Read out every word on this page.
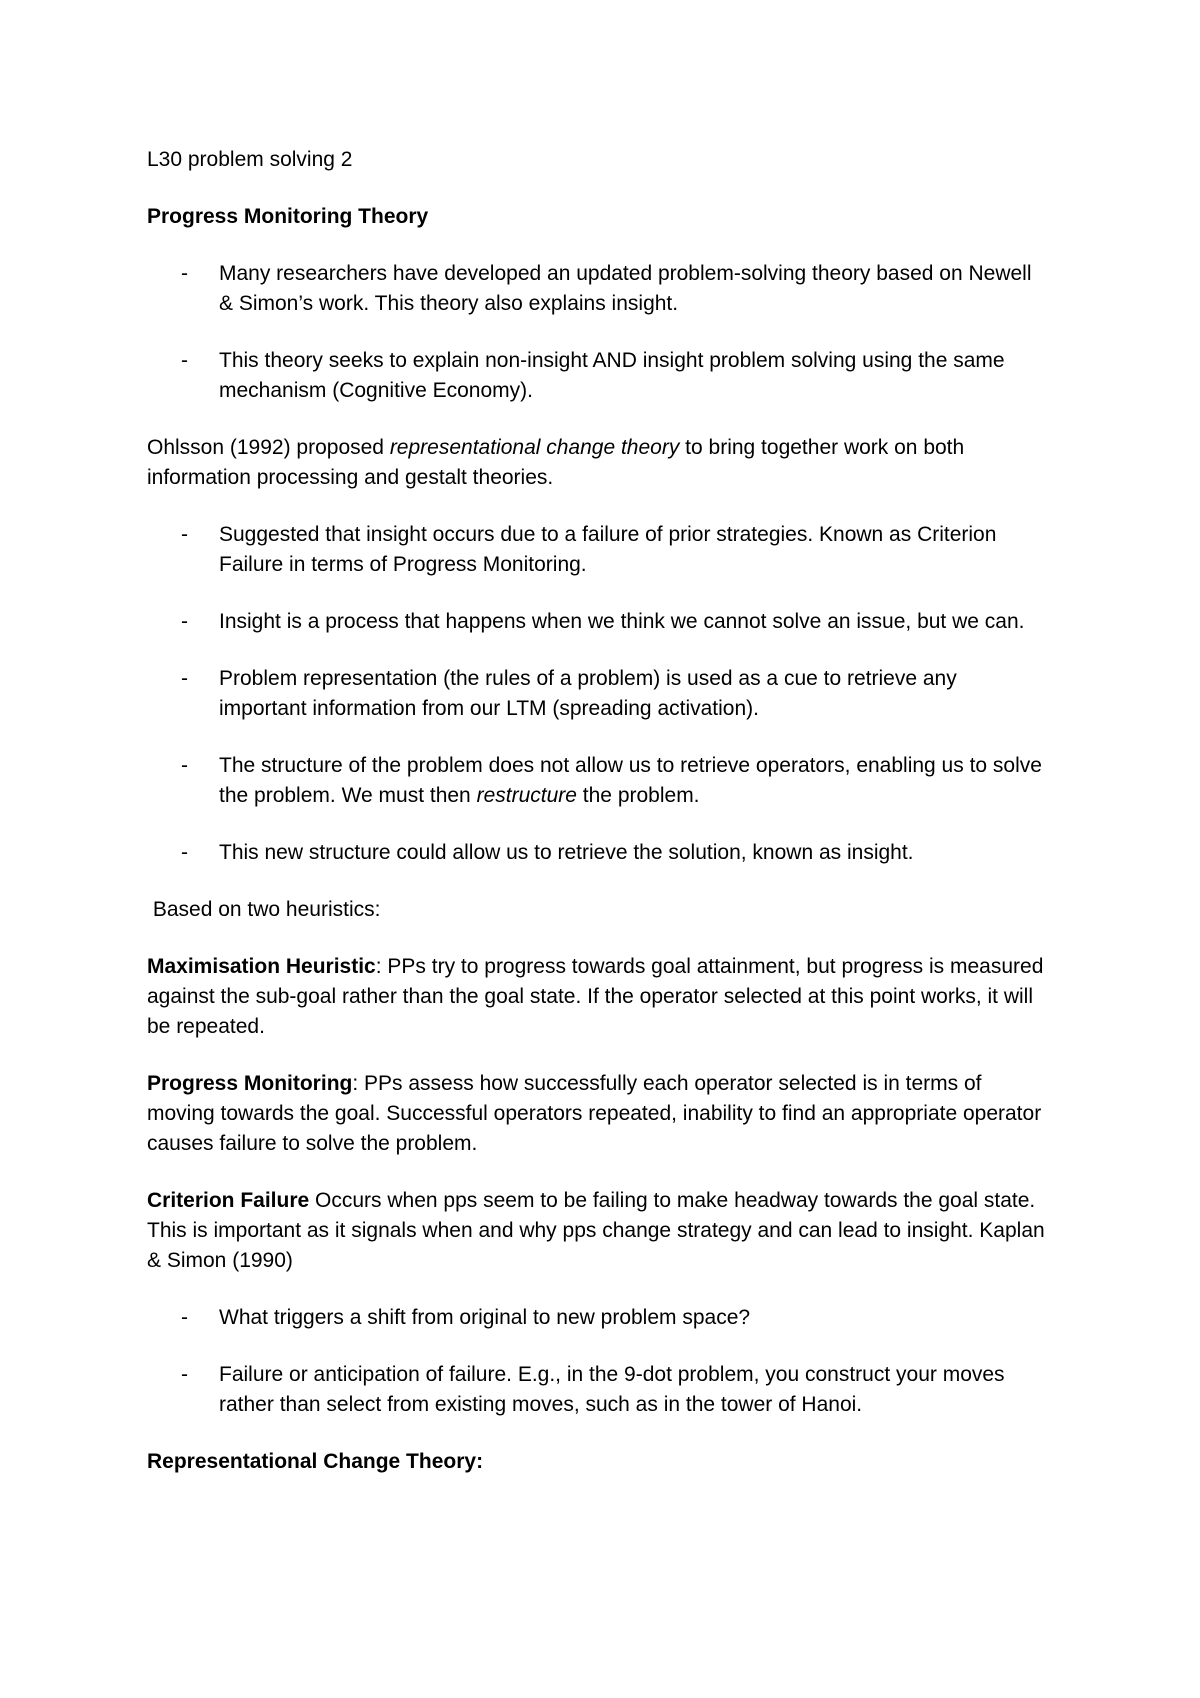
L30 problem solving 2

Progress Monitoring Theory

- Many researchers have developed an updated problem-solving theory based on Newell & Simon’s work. This theory also explains insight.
- This theory seeks to explain non-insight AND insight problem solving using the same mechanism (Cognitive Economy).

Ohlsson (1992) proposed representational change theory to bring together work on both information processing and gestalt theories.

- Suggested that insight occurs due to a failure of prior strategies. Known as Criterion Failure in terms of Progress Monitoring.
- Insight is a process that happens when we think we cannot solve an issue, but we can.
- Problem representation (the rules of a problem) is used as a cue to retrieve any important information from our LTM (spreading activation).
- The structure of the problem does not allow us to retrieve operators, enabling us to solve the problem. We must then restructure the problem.
- This new structure could allow us to retrieve the solution, known as insight.

Based on two heuristics:

Maximisation Heuristic: PPs try to progress towards goal attainment, but progress is measured against the sub-goal rather than the goal state. If the operator selected at this point works, it will be repeated.

Progress Monitoring: PPs assess how successfully each operator selected is in terms of moving towards the goal. Successful operators repeated, inability to find an appropriate operator causes failure to solve the problem.

Criterion Failure Occurs when pps seem to be failing to make headway towards the goal state. This is important as it signals when and why pps change strategy and can lead to insight. Kaplan & Simon (1990)

- What triggers a shift from original to new problem space?
- Failure or anticipation of failure. E.g., in the 9-dot problem, you construct your moves rather than select from existing moves, such as in the tower of Hanoi.

Representational Change Theory:
